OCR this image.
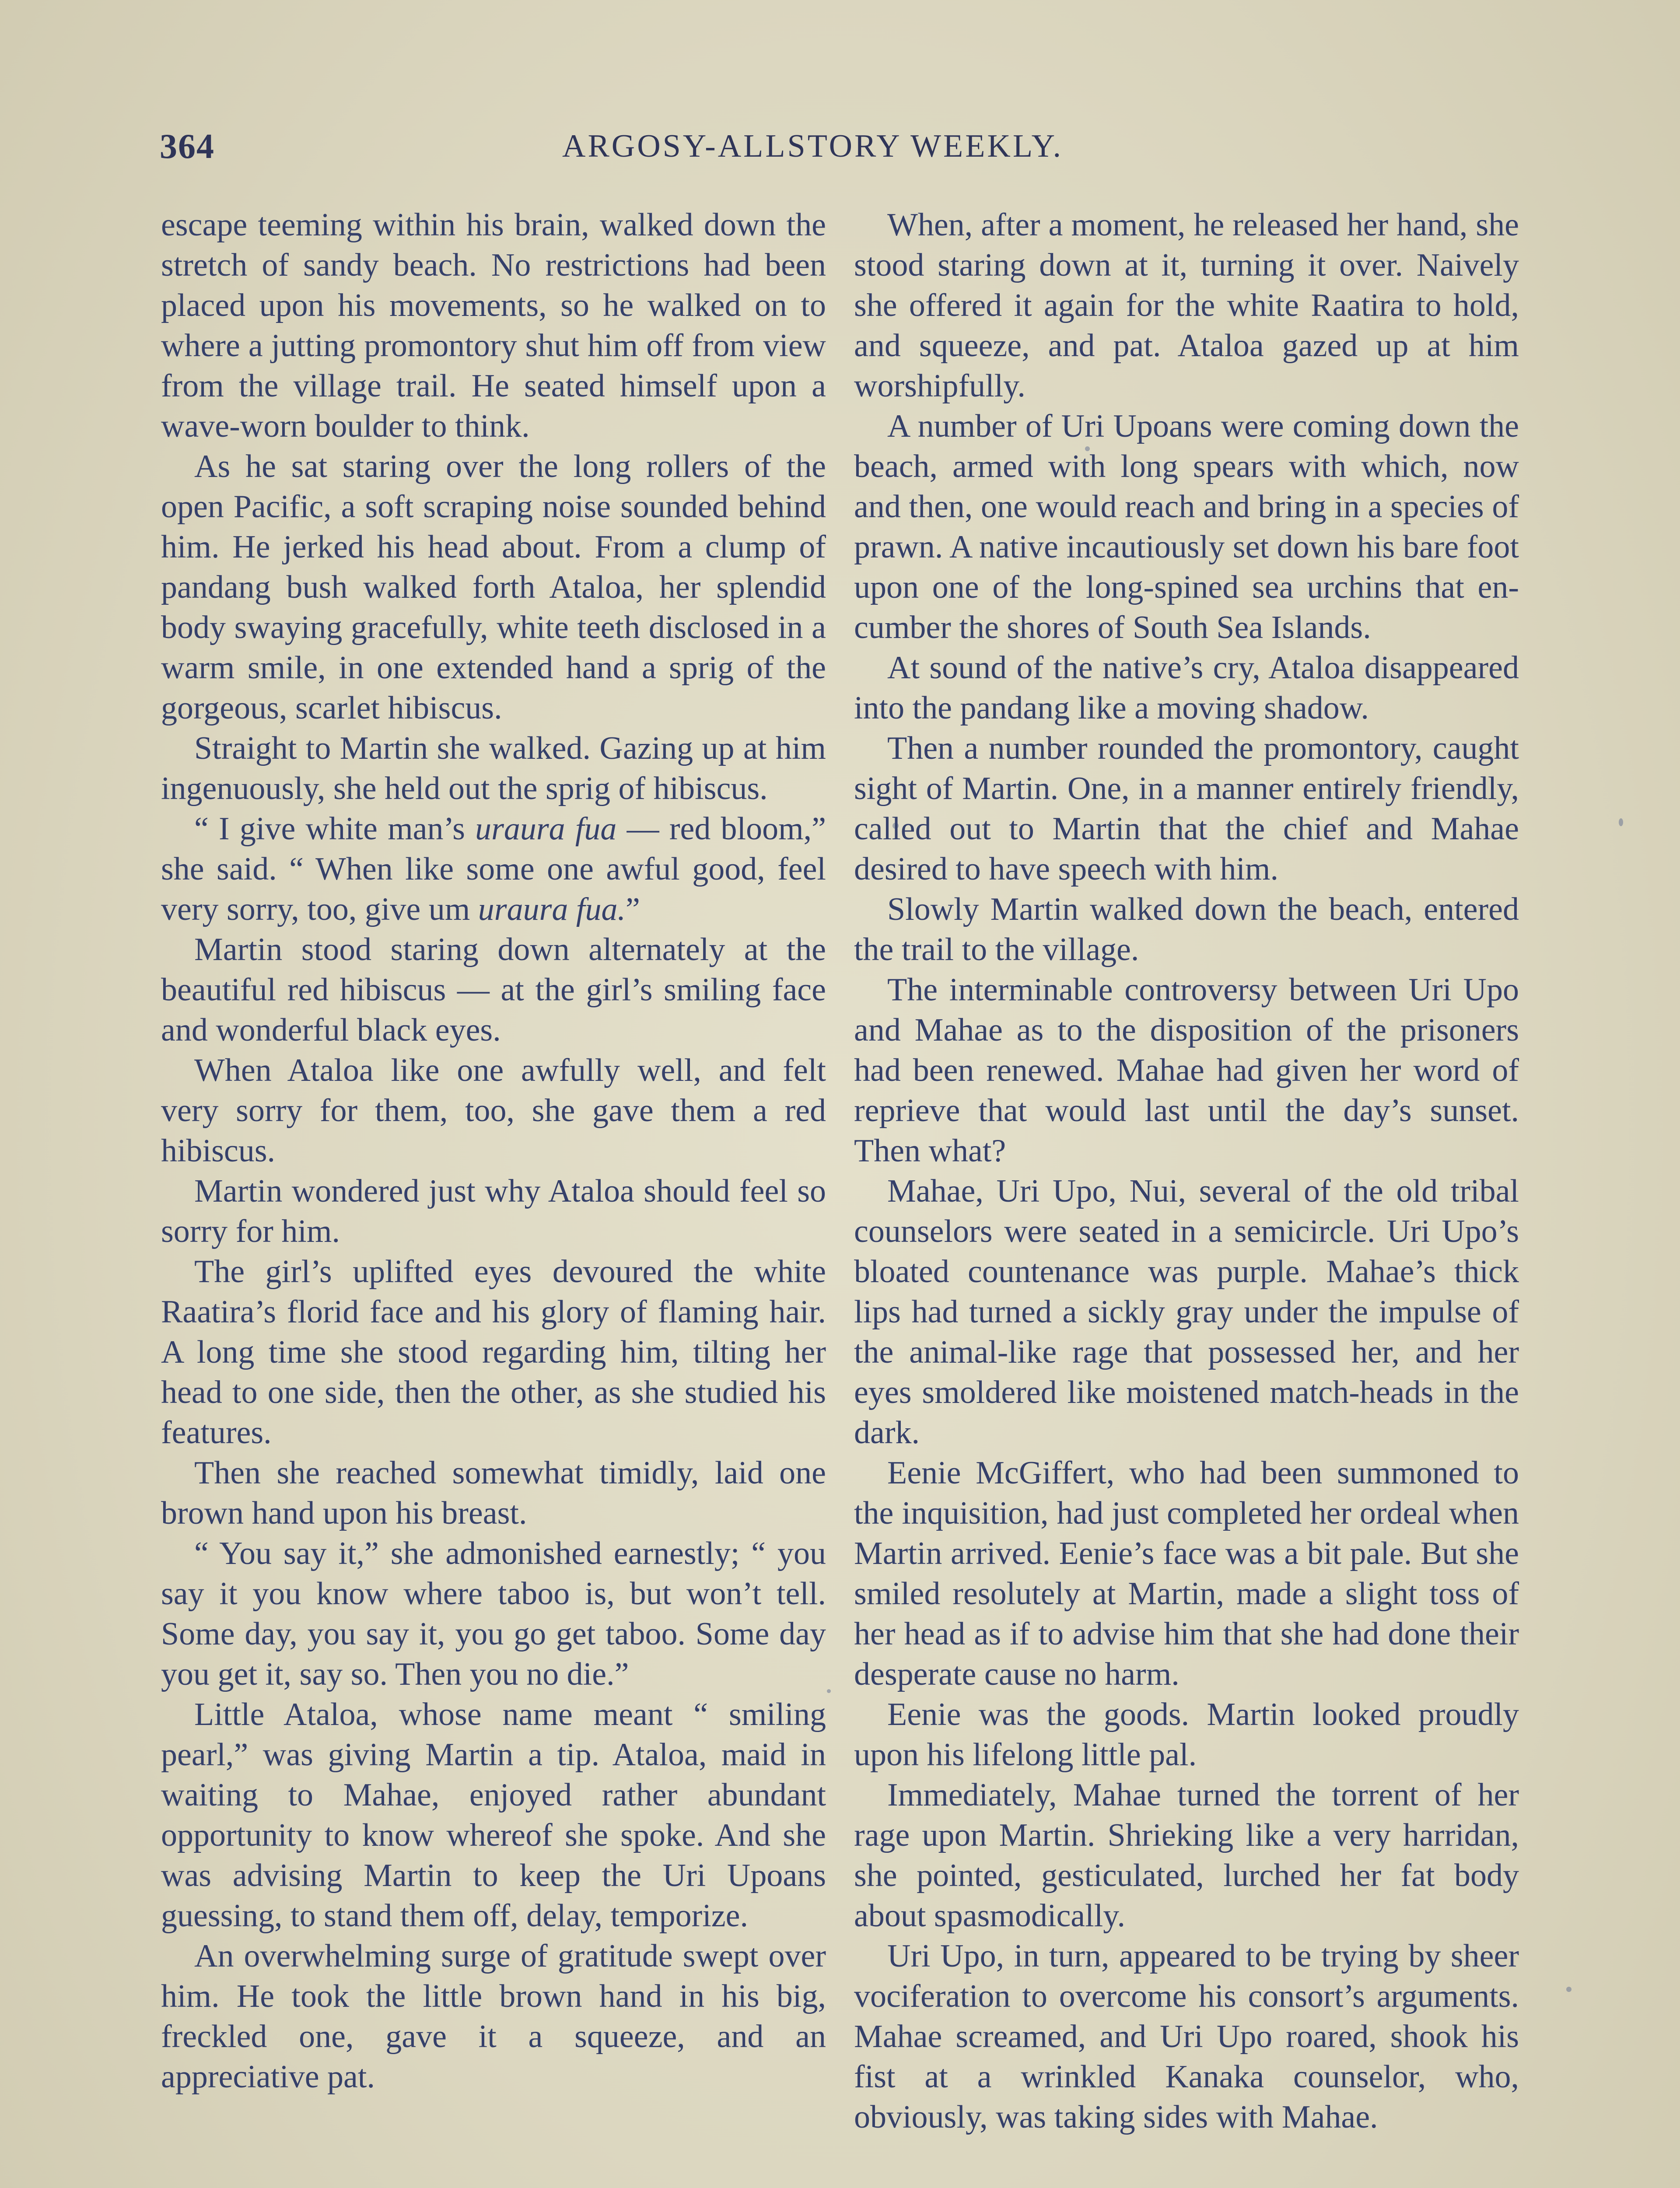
364	ARGOSY-ALLSTORY WEEKLY.

escape teeming within his brain, walked down the stretch of sandy beach. No restrictions had been placed upon his movements, so he walked on to where a jutting promontory shut him off from view from the village trail. He seated himself upon a wave-worn boulder to think.

As he sat staring over the long rollers of the open Pacific, a soft scraping noise sounded behind him. He jerked his head about. From a clump of pandang bush walked forth Ataloa, her splendid body swaying gracefully, white teeth disclosed in a warm smile, in one extended hand a sprig of the gorgeous, scarlet hibiscus.

Straight to Martin she walked. Gazing up at him ingenuously, she held out the sprig of hibiscus.

“ I give white man’s uraura fua — red bloom,” she said. “ When like some one awful good, feel very sorry, too, give um uraura fua.”

Martin stood staring down alternately at the beautiful red hibiscus — at the girl’s smiling face and wonderful black eyes.

When Ataloa like one awfully well, and felt very sorry for them, too, she gave them a red hibiscus.

Martin wondered just why Ataloa should feel so sorry for him.

The girl’s uplifted eyes devoured the white Raatira’s florid face and his glory of flaming hair. A long time she stood regarding him, tilting her head to one side, then the other, as she studied his features.

Then she reached somewhat timidly, laid one brown hand upon his breast.

“ You say it,” she admonished earnestly; “ you say it you know where taboo is, but won’t tell. Some day, you say it, you go get taboo. Some day you get it, say so. Then you no die.”

Little Ataloa, whose name meant “ smiling pearl,” was giving Martin a tip. Ataloa, maid in waiting to Mahae, enjoyed rather abundant opportunity to know whereof she spoke. And she was advising Martin to keep the Uri Upoans guessing, to stand them off, delay, temporize.

An overwhelming surge of gratitude swept over him. He took the little brown hand in his big, freckled one, gave it a squeeze, and an appreciative pat.

When, after a moment, he released her hand, she stood staring down at it, turning it over. Naively she offered it again for the white Raatira to hold, and squeeze, and pat. Ataloa gazed up at him worshipfully.

A number of Uri Upoans were coming down the beach, armed with long spears with which, now and then, one would reach and bring in a species of prawn. A native incautiously set down his bare foot upon one of the long-spined sea urchins that encumber the shores of South Sea Islands.

At sound of the native’s cry, Ataloa disappeared into the pandang like a moving shadow.

Then a number rounded the promontory, caught sight of Martin. One, in a manner entirely friendly, called out to Martin that the chief and Mahae desired to have speech with him.

Slowly Martin walked down the beach, entered the trail to the village.

The interminable controversy between Uri Upo and Mahae as to the disposition of the prisoners had been renewed. Mahae had given her word of reprieve that would last until the day’s sunset. Then what?

Mahae, Uri Upo, Nui, several of the old tribal counselors were seated in a semicircle. Uri Upo’s bloated countenance was purple. Mahae’s thick lips had turned a sickly gray under the impulse of the animal-like rage that possessed her, and her eyes smoldered like moistened match-heads in the dark.

Eenie McGiffert, who had been summoned to the inquisition, had just completed her ordeal when Martin arrived. Eenie’s face was a bit pale. But she smiled resolutely at Martin, made a slight toss of her head as if to advise him that she had done their desperate cause no harm.

Eenie was the goods. Martin looked proudly upon his lifelong little pal.

Immediately, Mahae turned the torrent of her rage upon Martin. Shrieking like a very harridan, she pointed, gesticulated, lurched her fat body about spasmodically.

Uri Upo, in turn, appeared to be trying by sheer vociferation to overcome his consort’s arguments. Mahae screamed, and Uri Upo roared, shook his fist at a wrinkled Kanaka counselor, who, obviously, was taking sides with Mahae.
